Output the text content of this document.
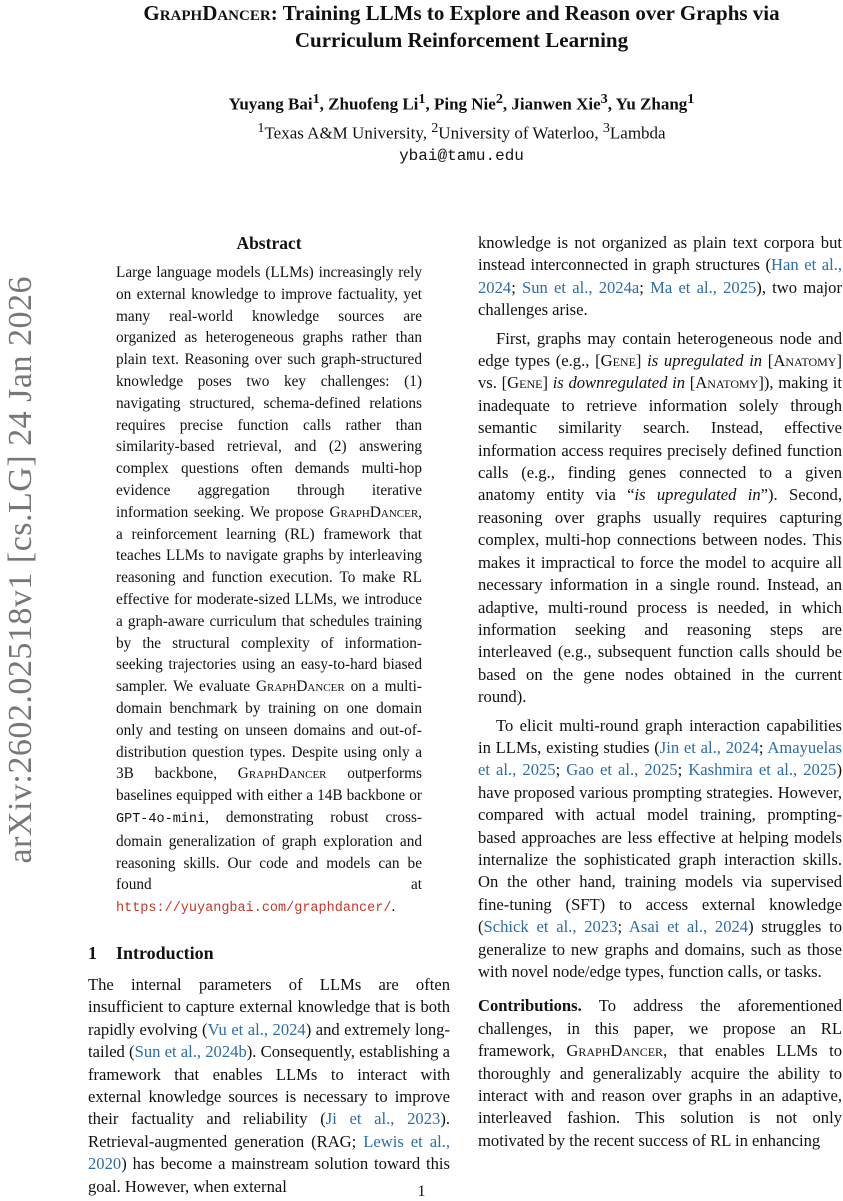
arXiv:2602.02518v1 [cs.LG] 24 Jan 2026
GraphDancer: Training LLMs to Explore and Reason over Graphs via
Curriculum Reinforcement Learning
Yuyang Bai$^1$, Zhuofeng Li$^1$, Ping Nie$^2$, Jianwen Xie$^3$, Yu Zhang$^1$
$^1$Texas A&M University, $^2$University of Waterloo, $^3$Lambda
ybai@tamu.edu
Abstract
Large language models (LLMs) increasingly rely on external knowledge to improve factuality, yet many real-world knowledge sources are organized as heterogeneous graphs rather than plain text. Reasoning over such graph-structured knowledge poses two key challenges: (1) navigating structured, schema-defined relations requires precise function calls rather than similarity-based retrieval, and (2) answering complex questions often demands multi-hop evidence aggregation through iterative information seeking. We propose GraphDancer, a reinforcement learning (RL) framework that teaches LLMs to navigate graphs by interleaving reasoning and function execution. To make RL effective for moderate-sized LLMs, we introduce a graph-aware curriculum that schedules training by the structural complexity of information-seeking trajectories using an easy-to-hard biased sampler. We evaluate GraphDancer on a multi-domain benchmark by training on one domain only and testing on unseen domains and out-of-distribution question types. Despite using only a 3B backbone, GraphDancer outperforms baselines equipped with either a 14B backbone or GPT-4o-mini, demonstrating robust cross-domain generalization of graph exploration and reasoning skills. Our code and models can be found at https://yuyangbai.com/graphdancer/.
1 Introduction
The internal parameters of LLMs are often insufficient to capture external knowledge that is both rapidly evolving (Vu et al., 2024) and extremely long-tailed (Sun et al., 2024b). Consequently, establishing a framework that enables LLMs to interact with external knowledge sources is necessary to improve their factuality and reliability (Ji et al., 2023). Retrieval-augmented generation (RAG; Lewis et al., 2020) has become a mainstream solution toward this goal. However, when external

knowledge is not organized as plain text corpora but instead interconnected in graph structures (Han et al., 2024; Sun et al., 2024a; Ma et al., 2025), two major challenges arise.

First, graphs may contain heterogeneous node and edge types (e.g., [Gene] is upregulated in [Anatomy] vs. [Gene] is downregulated in [Anatomy]), making it inadequate to retrieve information solely through semantic similarity search. Instead, effective information access requires precisely defined function calls (e.g., finding genes connected to a given anatomy entity via “is upregulated in”). Second, reasoning over graphs usually requires capturing complex, multi-hop connections between nodes. This makes it impractical to force the model to acquire all necessary information in a single round. Instead, an adaptive, multi-round process is needed, in which information seeking and reasoning steps are interleaved (e.g., subsequent function calls should be based on the gene nodes obtained in the current round).

To elicit multi-round graph interaction capabilities in LLMs, existing studies (Jin et al., 2024; Amayuelas et al., 2025; Gao et al., 2025; Kashmira et al., 2025) have proposed various prompting strategies. However, compared with actual model training, prompting-based approaches are less effective at helping models internalize the sophisticated graph interaction skills. On the other hand, training models via supervised fine-tuning (SFT) to access external knowledge (Schick et al., 2023; Asai et al., 2024) struggles to generalize to new graphs and domains, such as those with novel node/edge types, function calls, or tasks.

Contributions. To address the aforementioned challenges, in this paper, we propose an RL framework, GraphDancer, that enables LLMs to thoroughly and generalizably acquire the ability to interact with and reason over graphs in an adaptive, interleaved fashion. This solution is not only motivated by the recent success of RL in enhancing

1
